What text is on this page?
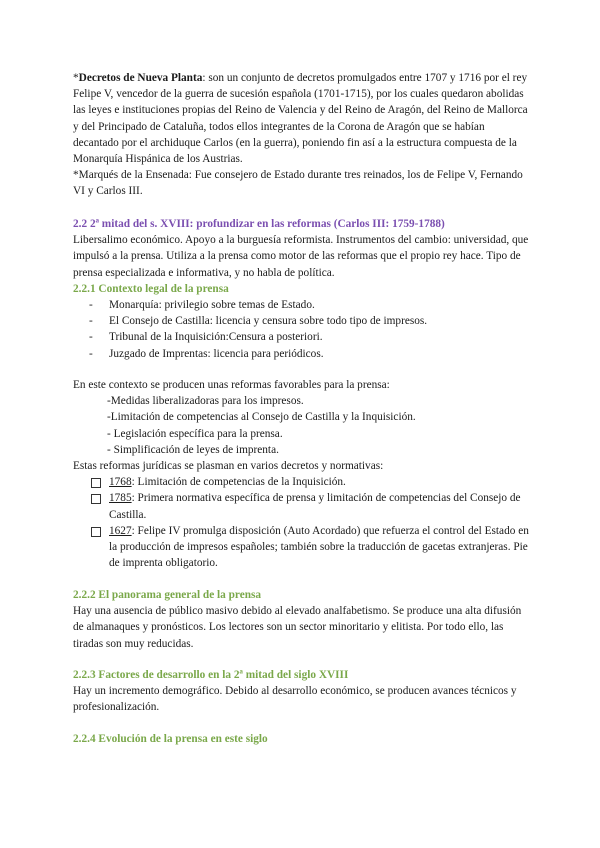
*Decretos de Nueva Planta: son un conjunto de decretos promulgados entre 1707 y 1716 por el rey Felipe V, vencedor de la guerra de sucesión española (1701-1715), por los cuales quedaron abolidas las leyes e instituciones propias del Reino de Valencia y del Reino de Aragón, del Reino de Mallorca y del Principado de Cataluña, todos ellos integrantes de la Corona de Aragón que se habían decantado por el archiduque Carlos (en la guerra), poniendo fin así a la estructura compuesta de la Monarquía Hispánica de los Austrias.

*Marqués de la Ensenada: Fue consejero de Estado durante tres reinados, los de Felipe V, Fernando VI y Carlos III.

2.2 2ª mitad del s. XVIII: profundizar en las reformas (Carlos III: 1759-1788)

Libersalimo económico. Apoyo a la burguesía reformista. Instrumentos del cambio: universidad, que impulsó a la prensa. Utiliza a la prensa como motor de las reformas que el propio rey hace. Tipo de prensa especializada e informativa, y no habla de política.

2.2.1 Contexto legal de la prensa

- Monarquía: privilegio sobre temas de Estado.
- El Consejo de Castilla: licencia y censura sobre todo tipo de impresos.
- Tribunal de la Inquisición:Censura a posteriori.
- Juzgado de Imprentas: licencia para periódicos.

En este contexto se producen unas reformas favorables para la prensa:

-Medidas liberalizadoras para los impresos.

-Limitación de competencias al Consejo de Castilla y la Inquisición.

- Legislación específica para la prensa.

- Simplificación de leyes de imprenta.

Estas reformas jurídicas se plasman en varios decretos y normativas:

1768: Limitación de competencias de la Inquisición.
1785: Primera normativa específica de prensa y limitación de competencias del Consejo de Castilla.
1627: Felipe IV promulga disposición (Auto Acordado) que refuerza el control del Estado en la producción de impresos españoles; también sobre la traducción de gacetas extranjeras. Pie de imprenta obligatorio.

2.2.2 El panorama general de la prensa

Hay una ausencia de público masivo debido al elevado analfabetismo. Se produce una alta difusión de almanaques y pronósticos. Los lectores son un sector minoritario y elitista. Por todo ello, las tiradas son muy reducidas.

2.2.3 Factores de desarrollo en la 2ª mitad del siglo XVIII

Hay un incremento demográfico. Debido al desarrollo económico, se producen avances técnicos y profesionalización.

2.2.4 Evolución de la prensa en este siglo
